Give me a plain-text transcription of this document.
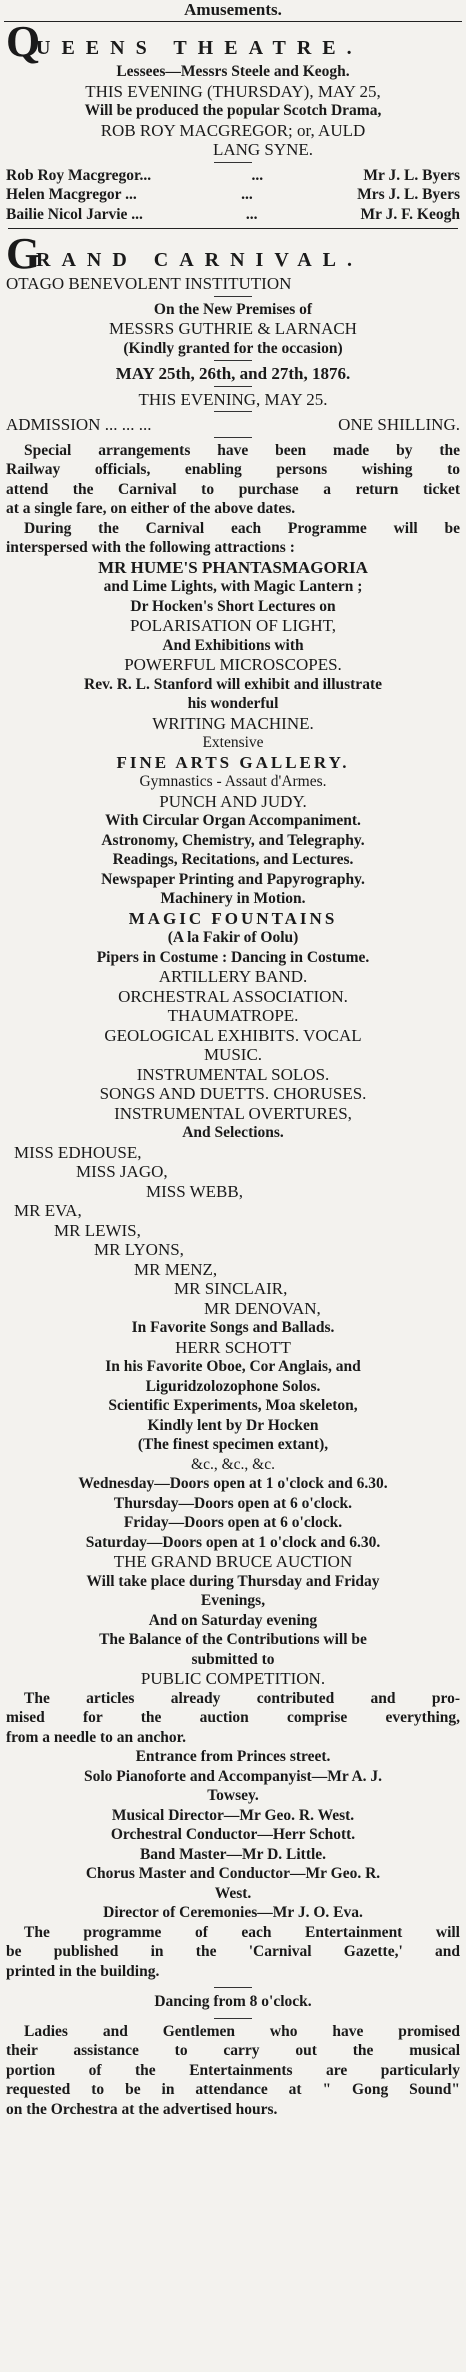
Amusements.
Q
UEENS THEATRE.
Lessees—Messrs Steele and Keogh.
THIS EVENING (THURSDAY), MAY 25,
Will be produced the popular Scotch Drama,
ROB ROY MACGREGOR; or, AULD
LANG SYNE.
Rob Roy Macgregor...	...	Mr J. L. Byers
Helen Macgregor ...	...	Mrs J. L. Byers
Bailie Nicol Jarvie ...	...	Mr J. F. Keogh
G
RAND CARNIVAL.
OTAGO BENEVOLENT INSTITUTION
On the New Premises of
MESSRS GUTHRIE & LARNACH
(Kindly granted for the occasion)
MAY 25th, 26th, and 27th, 1876.
THIS EVENING, MAY 25.
ADMISSION ... ... ...	ONE SHILLING.
Special arrangements have been made by the
Railway officials, enabling persons wishing to
attend the Carnival to purchase a return ticket
at a single fare, on either of the above dates.
During the Carnival each Programme will be
interspersed with the following attractions :
MR HUME'S PHANTASMAGORIA
and Lime Lights, with Magic Lantern ;
Dr Hocken's Short Lectures on
POLARISATION OF LIGHT,
And Exhibitions with
POWERFUL MICROSCOPES.
Rev. R. L. Stanford will exhibit and illustrate
his wonderful
WRITING MACHINE.
Extensive
FINE ARTS GALLERY.
Gymnastics - Assaut d'Armes.
PUNCH AND JUDY.
With Circular Organ Accompaniment.
Astronomy, Chemistry, and Telegraphy.
Readings, Recitations, and Lectures.
Newspaper Printing and Papyrography.
Machinery in Motion.
MAGIC FOUNTAINS
(A la Fakir of Oolu)
Pipers in Costume : Dancing in Costume.
ARTILLERY BAND.
ORCHESTRAL ASSOCIATION.
THAUMATROPE.
GEOLOGICAL EXHIBITS. VOCAL
MUSIC.
INSTRUMENTAL SOLOS.
SONGS AND DUETTS. CHORUSES.
INSTRUMENTAL OVERTURES,
And Selections.
MISS EDHOUSE,
MISS JAGO,
MISS WEBB,
MR EVA,
MR LEWIS,
MR LYONS,
MR MENZ,
MR SINCLAIR,
MR DENOVAN,
In Favorite Songs and Ballads.
HERR SCHOTT
In his Favorite Oboe, Cor Anglais, and
Liguridzolozophone Solos.
Scientific Experiments, Moa skeleton,
Kindly lent by Dr Hocken
(The finest specimen extant),
&c., &c., &c.
Wednesday—Doors open at 1 o'clock and 6.30.
Thursday—Doors open at 6 o'clock.
Friday—Doors open at 6 o'clock.
Saturday—Doors open at 1 o'clock and 6.30.
THE GRAND BRUCE AUCTION
Will take place during Thursday and Friday
Evenings,
And on Saturday evening
The Balance of the Contributions will be
submitted to
PUBLIC COMPETITION.
The articles already contributed and pro-
mised for the auction comprise everything,
from a needle to an anchor.
Entrance from Princes street.
Solo Pianoforte and Accompanyist—Mr A. J.
Towsey.
Musical Director—Mr Geo. R. West.
Orchestral Conductor—Herr Schott.
Band Master—Mr D. Little.
Chorus Master and Conductor—Mr Geo. R.
West.
Director of Ceremonies—Mr J. O. Eva.
The programme of each Entertainment will
be published in the 'Carnival Gazette,' and
printed in the building.
Dancing from 8 o'clock.
Ladies and Gentlemen who have promised
their assistance to carry out the musical
portion of the Entertainments are particularly
requested to be in attendance at " Gong Sound"
on the Orchestra at the advertised hours.
